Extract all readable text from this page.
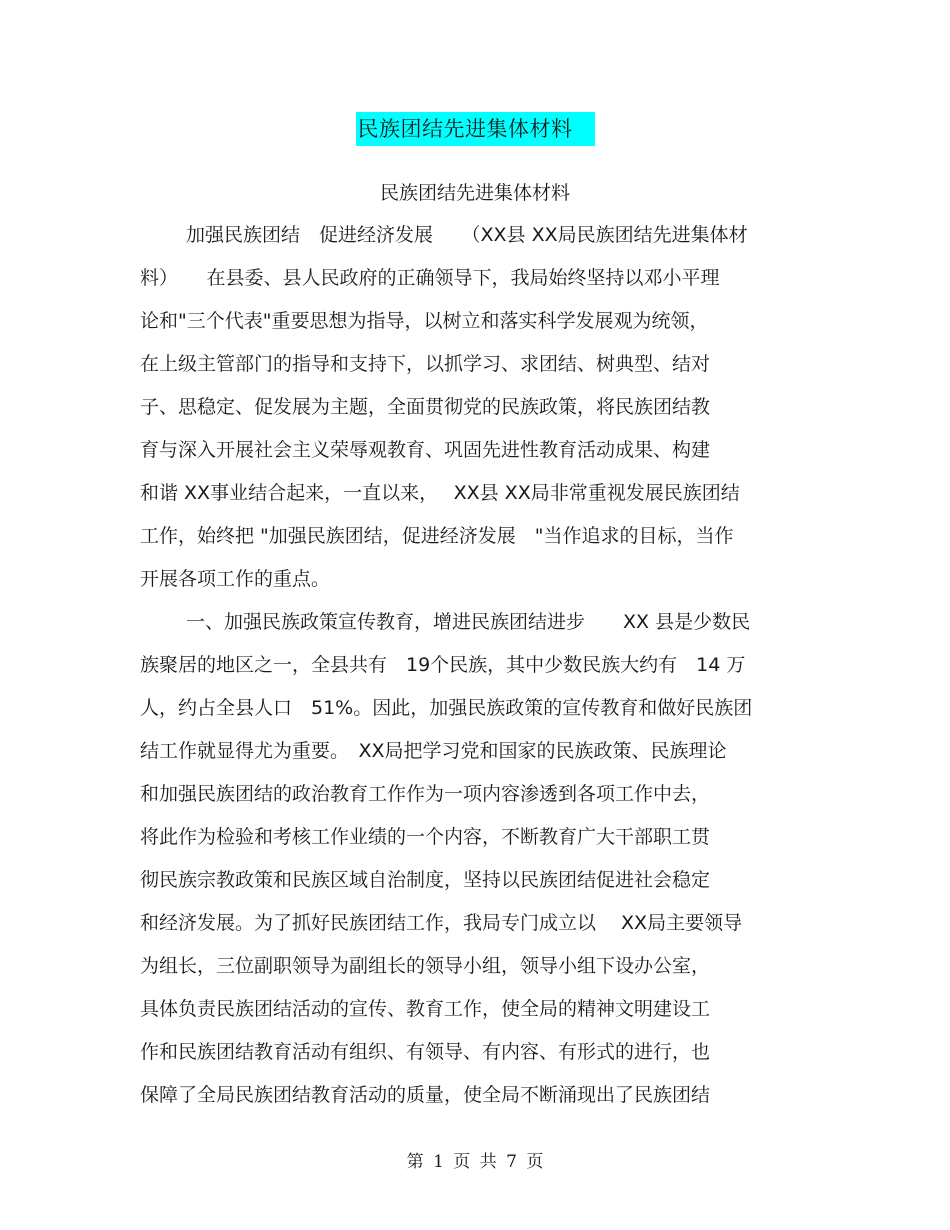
民族团结先进集体材料
民族团结先进集体材料
加强民族团结　促进经济发展　　（XX县 XX局民族团结先进集体材
料）　　在县委、县人民政府的正确领导下，我局始终坚持以邓小平理
论和"三个代表"重要思想为指导，以树立和落实科学发展观为统领，
在上级主管部门的指导和支持下，以抓学习、求团结、树典型、结对
子、思稳定、促发展为主题，全面贯彻党的民族政策，将民族团结教
育与深入开展社会主义荣辱观教育、巩固先进性教育活动成果、构建
和谐 XX事业结合起来，一直以来，　 XX县 XX局非常重视发展民族团结
工作，始终把 "加强民族团结，促进经济发展　"当作追求的目标，当作
开展各项工作的重点。
一、加强民族政策宣传教育，增进民族团结进步　　XX 县是少数民
族聚居的地区之一，全县共有　19个民族，其中少数民族大约有　14 万
人，约占全县人口　51%。因此，加强民族政策的宣传教育和做好民族团
结工作就显得尤为重要。　XX局把学习党和国家的民族政策、民族理论
和加强民族团结的政治教育工作作为一项内容渗透到各项工作中去，
将此作为检验和考核工作业绩的一个内容，不断教育广大干部职工贯
彻民族宗教政策和民族区域自治制度，坚持以民族团结促进社会稳定
和经济发展。为了抓好民族团结工作，我局专门成立以　 XX局主要领导
为组长，三位副职领导为副组长的领导小组，领导小组下设办公室，
具体负责民族团结活动的宣传、教育工作，使全局的精神文明建设工
作和民族团结教育活动有组织、有领导、有内容、有形式的进行，也
保障了全局民族团结教育活动的质量，使全局不断涌现出了民族团结
第 1 页 共 7 页
